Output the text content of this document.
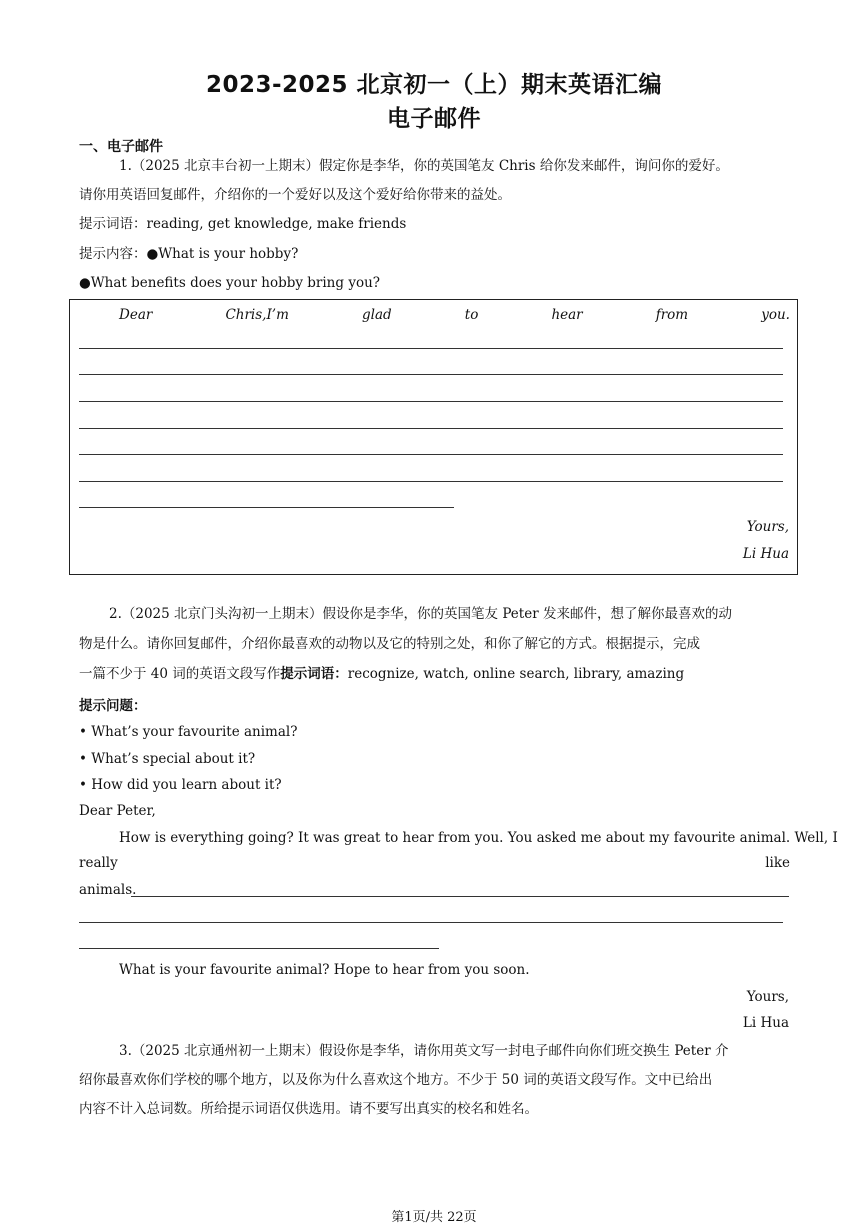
2023-2025 北京初一（上）期末英语汇编
电子邮件
一、电子邮件
1.（2025 北京丰台初一上期末）假定你是李华，你的英国笔友 Chris 给你发来邮件，询问你的爱好。
请你用英语回复邮件，介绍你的一个爱好以及这个爱好给你带来的益处。
提示词语：reading, get knowledge, make friends
提示内容：●What is your hobby?
●What benefits does your hobby bring you?
Dear	Chris,I’m	glad	to	hear	from	you.
Yours,
Li Hua
2.（2025 北京门头沟初一上期末）假设你是李华，你的英国笔友 Peter 发来邮件，想了解你最喜欢的动
物是什么。请你回复邮件，介绍你最喜欢的动物以及它的特别之处，和你了解它的方式。根据提示，完成
一篇不少于 40 词的英语文段写作提示词语：recognize, watch, online search, library, amazing
提示问题：
• What’s your favourite animal?
• What’s special about it?
• How did you learn about it?
Dear Peter,
How is everything going? It was great to hear from you. You asked me about my favourite animal. Well, I
really	like
animals.
What is your favourite animal? Hope to hear from you soon.
Yours,
Li Hua
3.（2025 北京通州初一上期末）假设你是李华，请你用英文写一封电子邮件向你们班交换生 Peter 介
绍你最喜欢你们学校的哪个地方，以及你为什么喜欢这个地方。不少于 50 词的英语文段写作。文中已给出
内容不计入总词数。所给提示词语仅供选用。请不要写出真实的校名和姓名。
第1页/共 22页
